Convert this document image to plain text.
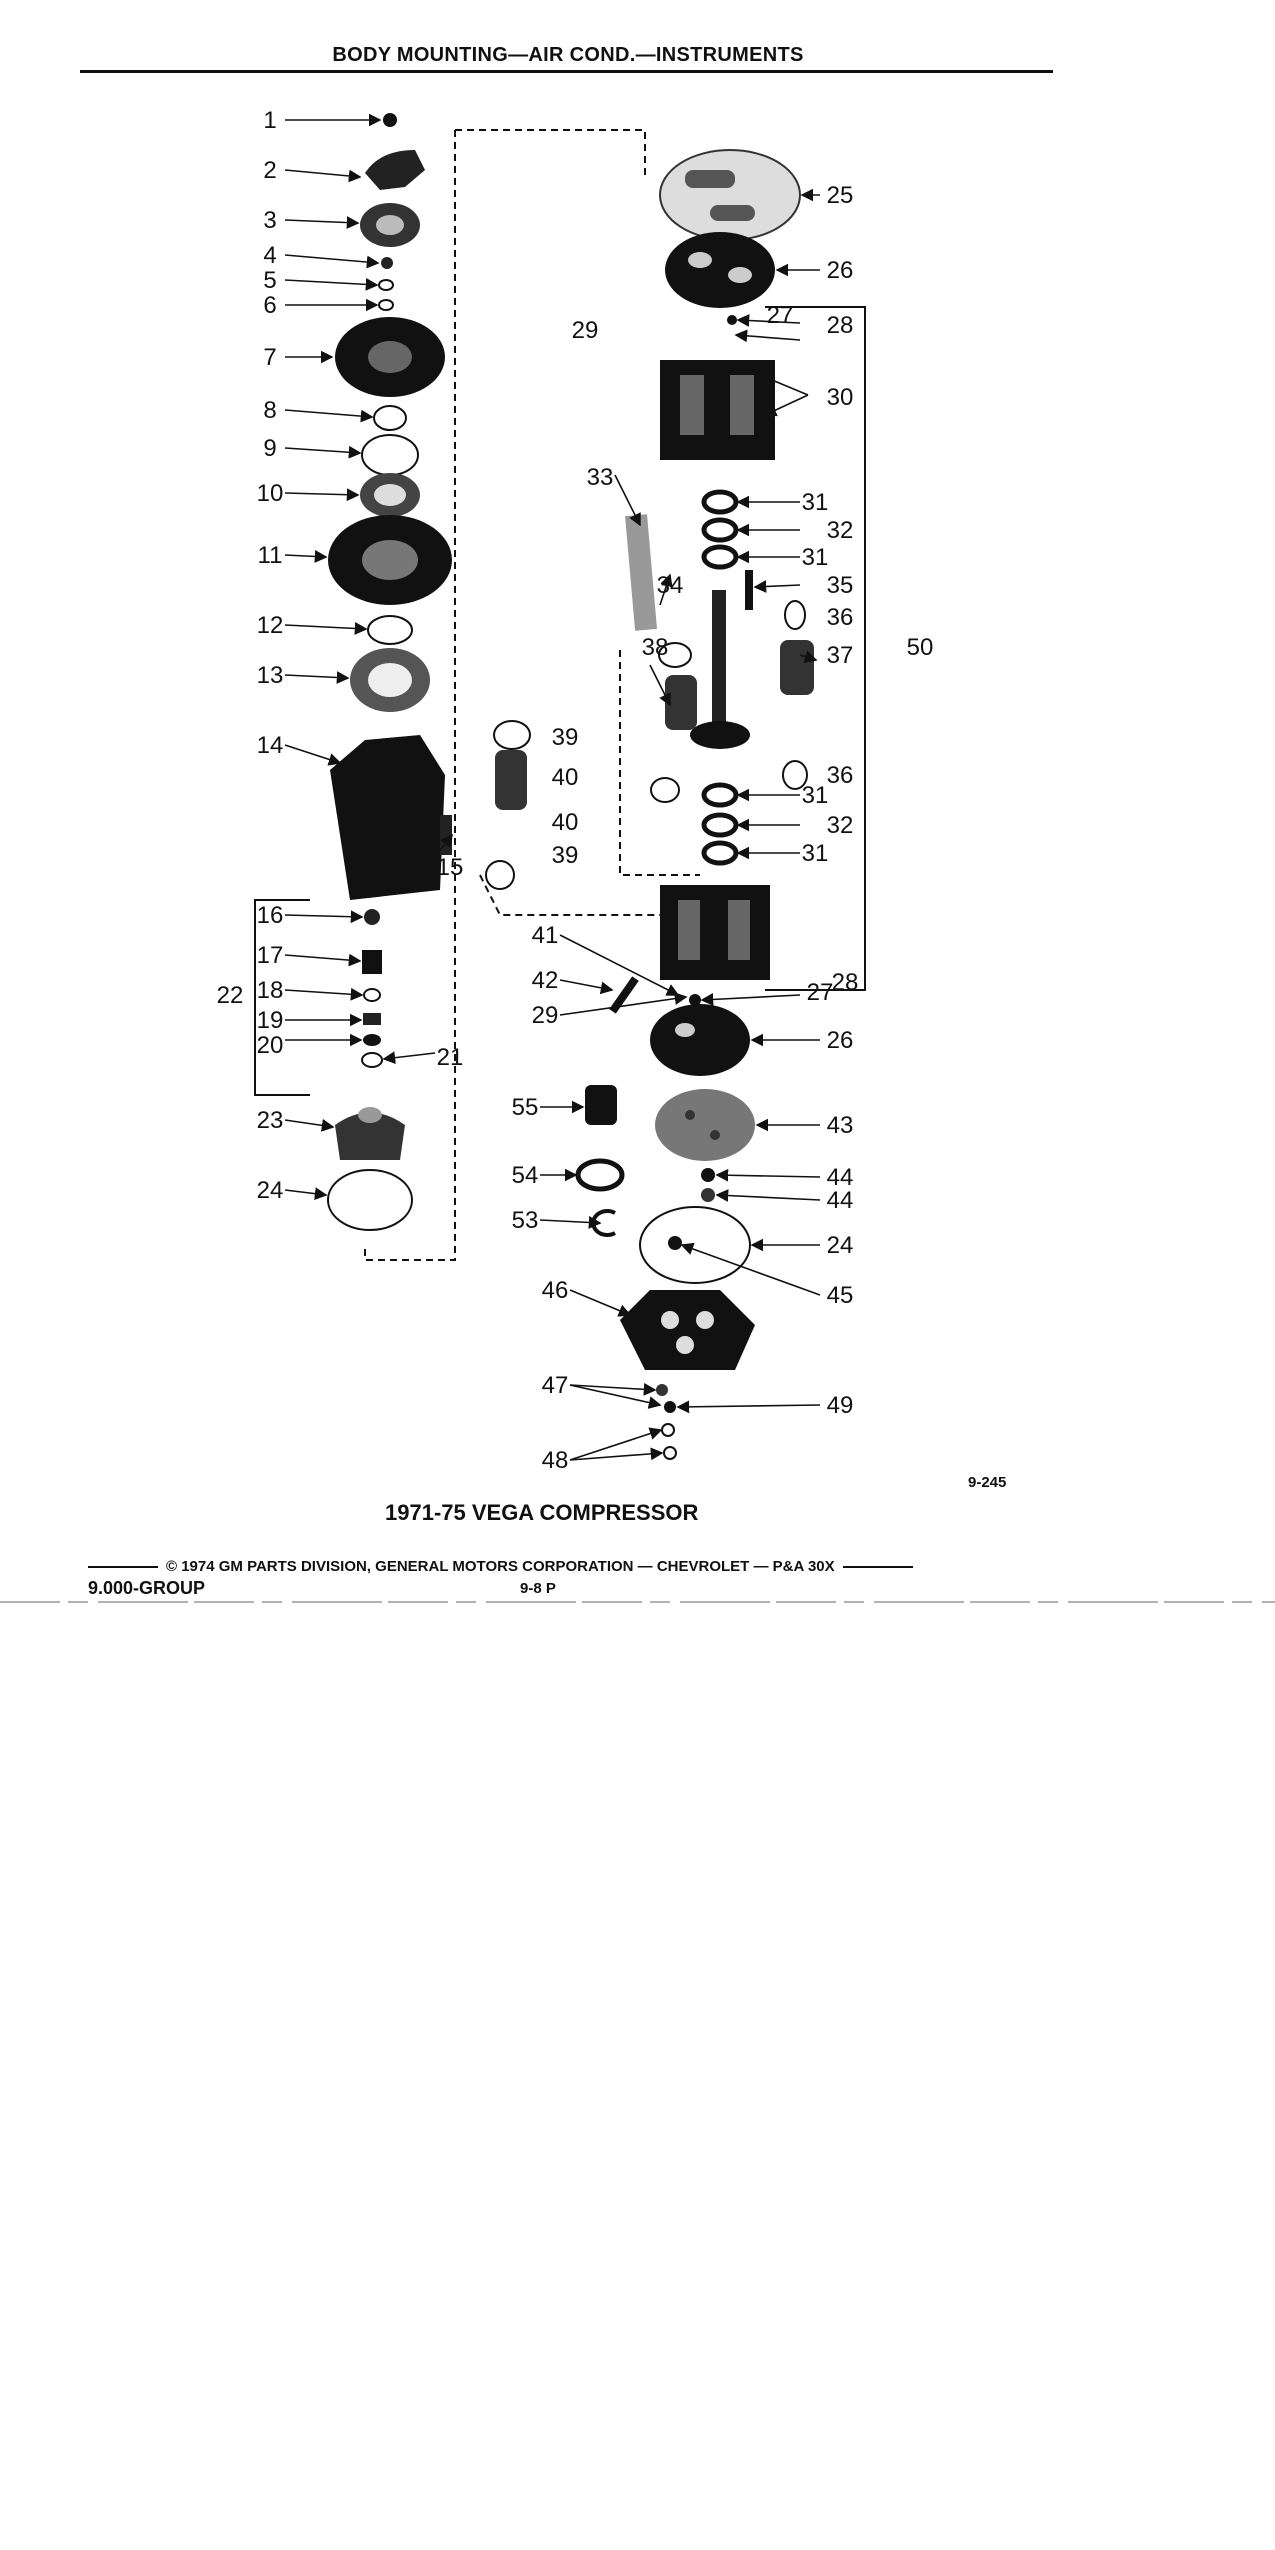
BODY MOUNTING—AIR COND.—INSTRUMENTS
1
2
3
4
5
6
7
8
9
10
11
12
13
14
16
17
18
19
20
22
23
24
21
15
25
26
27 28
29
30
31
32
31
33
34	35
36
37
38
39
40
40
39
36
31
32
31
50
41
42
29
27
28
26
55
43
54	44
44
53
24
45
46
47
49
48
9-245
1971-75 VEGA COMPRESSOR
© 1974 GM PARTS DIVISION, GENERAL MOTORS CORPORATION — CHEVROLET — P&A 30X
9.000-GROUP	9-8 P
